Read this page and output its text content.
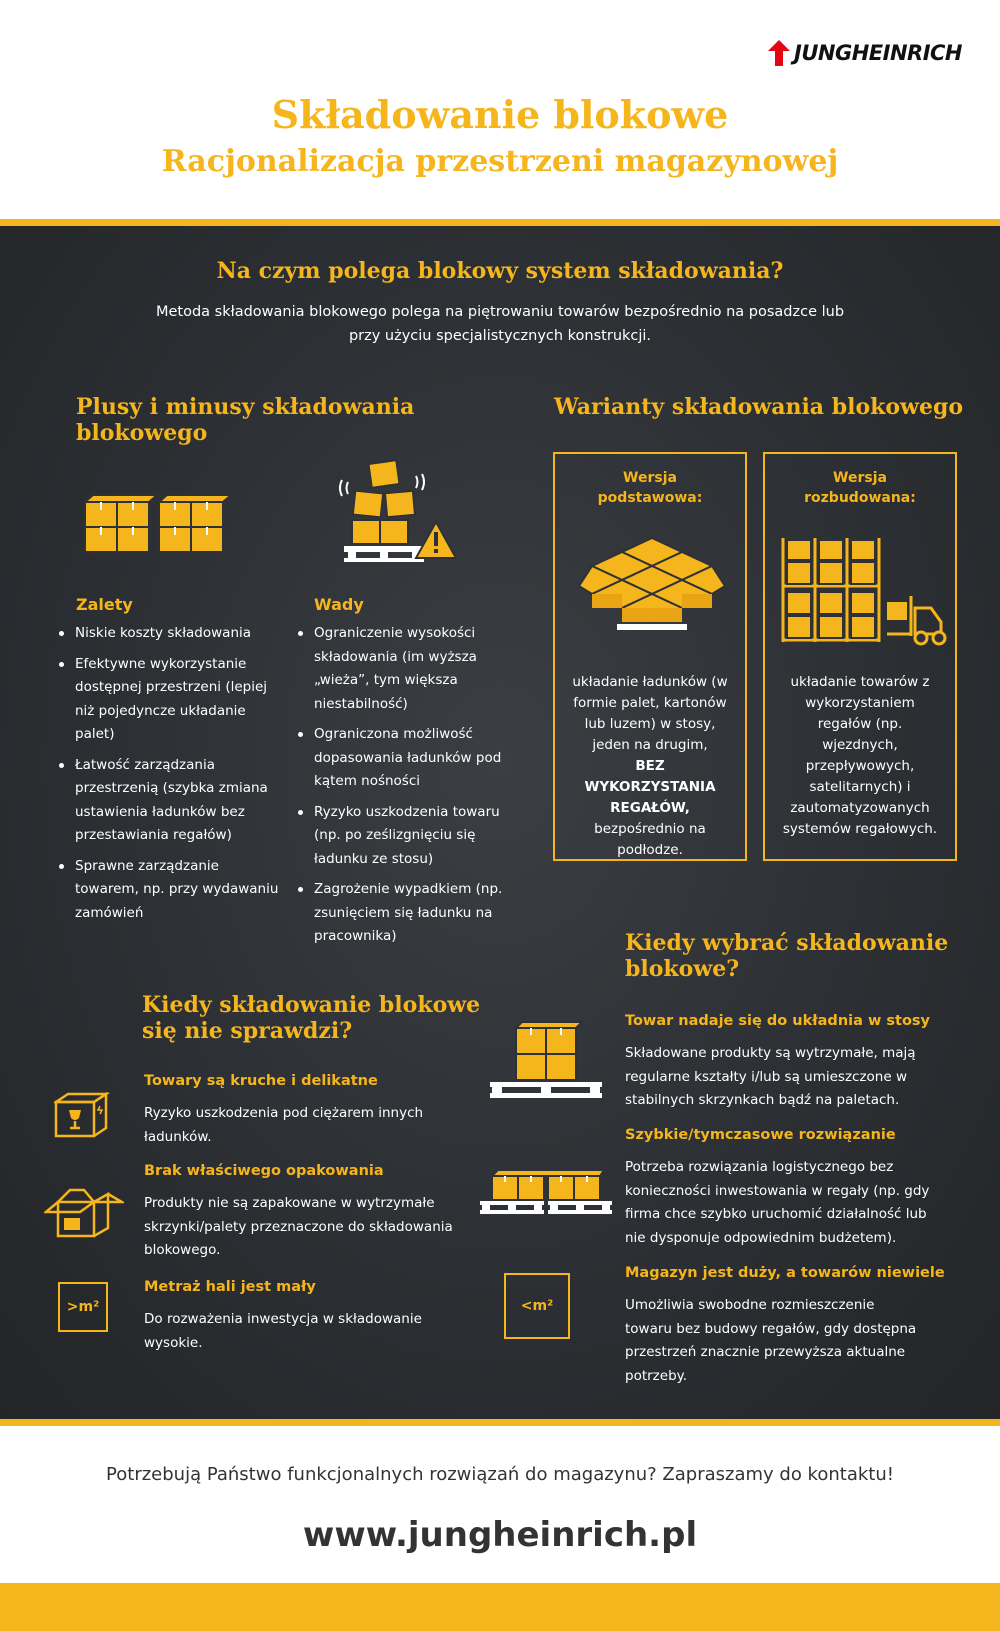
JUNGHEINRICH
Składowanie blokowe
Racjonalizacja przestrzeni magazynowej
Na czym polega blokowy system składowania?
Metoda składowania blokowego polega na piętrowaniu towarów bezpośrednio na posadzce lub przy użyciu specjalistycznych konstrukcji.
Plusy i minusy składowania blokowego
Zalety
Niskie koszty składowania
Efektywne wykorzystanie dostępnej przestrzeni (lepiej niż pojedyncze układanie palet)
Łatwość zarządzania przestrzenią (szybka zmiana ustawienia ładunków bez przestawiania regałów)
Sprawne zarządzanie towarem, np. przy wydawaniu zamówień
Wady
Ograniczenie wysokości składowania (im wyższa „wieża”, tym większa niestabilność)
Ograniczona możliwość dopasowania ładunków pod kątem nośności
Ryzyko uszkodzenia towaru (np. po ześlizgnięciu się ładunku ze stosu)
Zagrożenie wypadkiem (np. zsunięciem się ładunku na pracownika)
Warianty składowania blokowego
Wersja podstawowa:
układanie ładunków (w formie palet, kartonów lub luzem) w stosy, jeden na drugim,
BEZ WYKORZYSTANIA REGAŁÓW,
bezpośrednio na podłodze.
Wersja rozbudowana:
układanie towarów z wykorzystaniem regałów (np. wjezdnych, przepływowych, satelitarnych) i zautomatyzowanych systemów regałowych.
Kiedy składowanie blokowe się nie sprawdzi?
Towary są kruche i delikatne
Ryzyko uszkodzenia pod ciężarem innych ładunków.
Brak właściwego opakowania
Produkty nie są zapakowane w wytrzymałe skrzynki/palety przeznaczone do składowania blokowego.
>m²
Metraż hali jest mały
Do rozważenia inwestycja w składowanie wysokie.
Kiedy wybrać składowanie blokowe?
Towar nadaje się do układnia w stosy
Składowane produkty są wytrzymałe, mają regularne kształty i/lub są umieszczone w stabilnych skrzynkach bądź na paletach.
Szybkie/tymczasowe rozwiązanie
Potrzeba rozwiązania logistycznego bez konieczności inwestowania w regały (np. gdy firma chce szybko uruchomić działalność lub nie dysponuje odpowiednim budżetem).
<m²
Magazyn jest duży, a towarów niewiele
Umożliwia swobodne rozmieszczenie towaru bez budowy regałów, gdy dostępna przestrzeń znacznie przewyższa aktualne potrzeby.
Potrzebują Państwo funkcjonalnych rozwiązań do magazynu? Zapraszamy do kontaktu!
www.jungheinrich.pl
